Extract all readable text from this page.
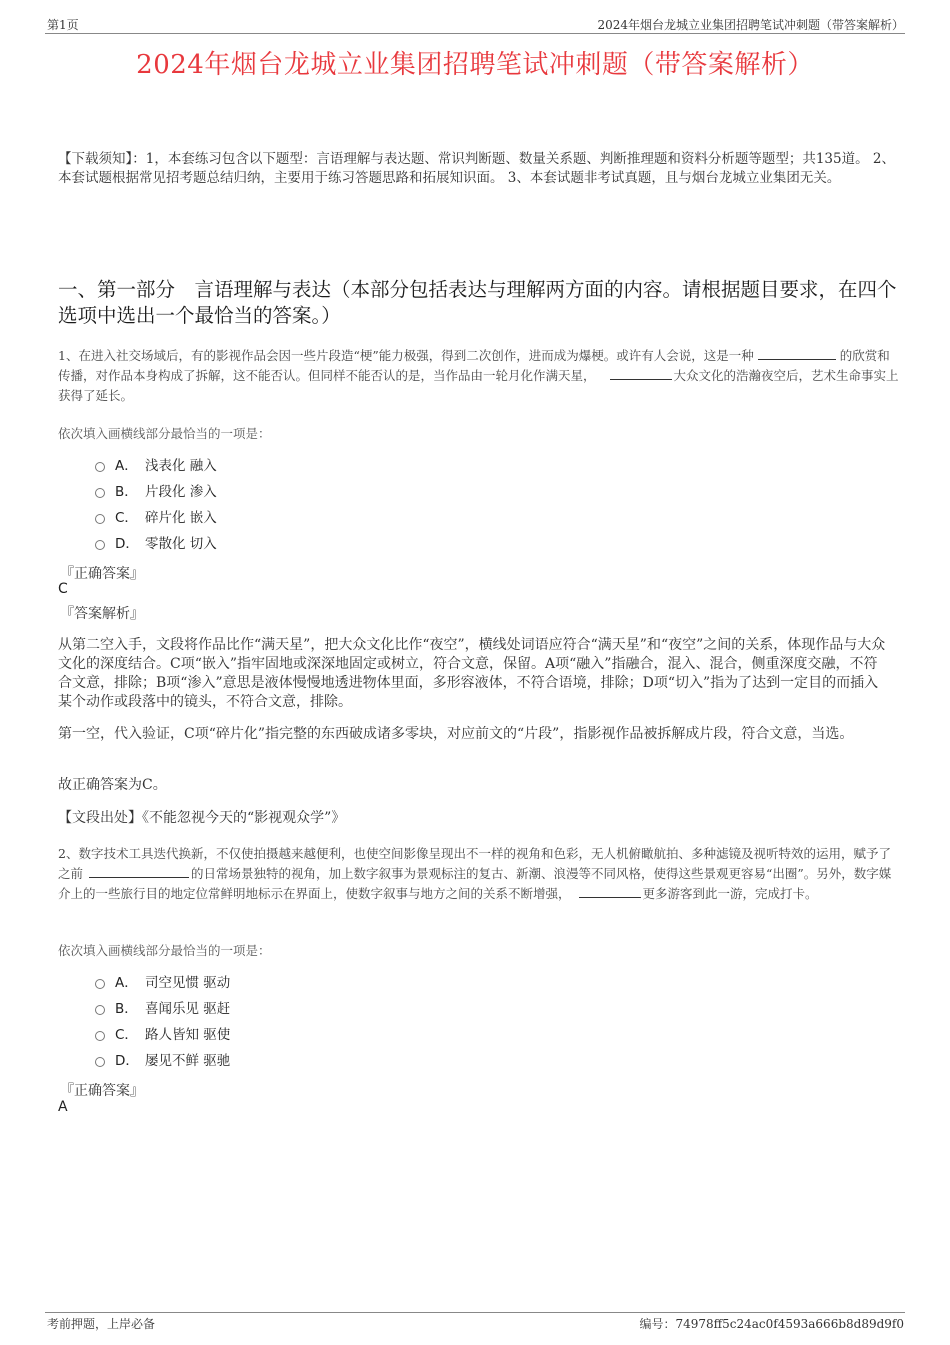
第1页	2024年烟台龙城立业集团招聘笔试冲刺题（带答案解析）
2024年烟台龙城立业集团招聘笔试冲刺题（带答案解析）
【下载须知】：1，本套练习包含以下题型：言语理解与表达题、常识判断题、数量关系题、判断推理题和资料分析题等题型；共135道。 2、本套试题根据常见招考题总结归纳，主要用于练习答题思路和拓展知识面。 3、本套试题非考试真题，且与烟台龙城立业集团无关。
一、第一部分　言语理解与表达（本部分包括表达与理解两方面的内容。请根据题目要求，在四个选项中选出一个最恰当的答案。）
1、在进入社交场域后，有的影视作品会因一些片段造“梗”能力极强，得到二次创作，进而成为爆梗。或许有人会说，这是一种	的欣赏和传播，对作品本身构成了拆解，这不能否认。但同样不能否认的是，当作品由一轮月化作满天星，	大众文化的浩瀚夜空后，艺术生命事实上获得了延长。
依次填入画横线部分最恰当的一项是：
A． 浅表化 融入
B． 片段化 渗入
C． 碎片化 嵌入
D． 零散化 切入
『正确答案』
C
『答案解析』
从第二空入手，文段将作品比作“满天星”，把大众文化比作“夜空”，横线处词语应符合“满天星”和“夜空”之间的关系，体现作品与大众文化的深度结合。C项“嵌入”指牢固地或深深地固定或树立，符合文意，保留。A项“融入”指融合，混入、混合，侧重深度交融，不符合文意，排除；B项“渗入”意思是液体慢慢地透进物体里面，多形容液体，不符合语境，排除；D项“切入”指为了达到一定目的而插入某个动作或段落中的镜头，不符合文意，排除。
第一空，代入验证，C项“碎片化”指完整的东西破成诸多零块，对应前文的“片段”，指影视作品被拆解成片段，符合文意，当选。
故正确答案为C。
【文段出处】《不能忽视今天的“影视观众学”》
2、数字技术工具迭代换新，不仅使拍摄越来越便利，也使空间影像呈现出不一样的视角和色彩，无人机俯瞰航拍、多种滤镜及视听特效的运用，赋予了之前	的日常场景独特的视角，加上数字叙事为景观标注的复古、新潮、浪漫等不同风格，使得这些景观更容易“出圈”。另外，数字媒介上的一些旅行目的地定位常鲜明地标示在界面上，使数字叙事与地方之间的关系不断增强，	更多游客到此一游，完成打卡。
依次填入画横线部分最恰当的一项是：
A． 司空见惯 驱动
B． 喜闻乐见 驱赶
C． 路人皆知 驱使
D． 屡见不鲜 驱驰
『正确答案』
A
考前押题，上岸必备	编号：74978ff5c24ac0f4593a666b8d89d9f0
